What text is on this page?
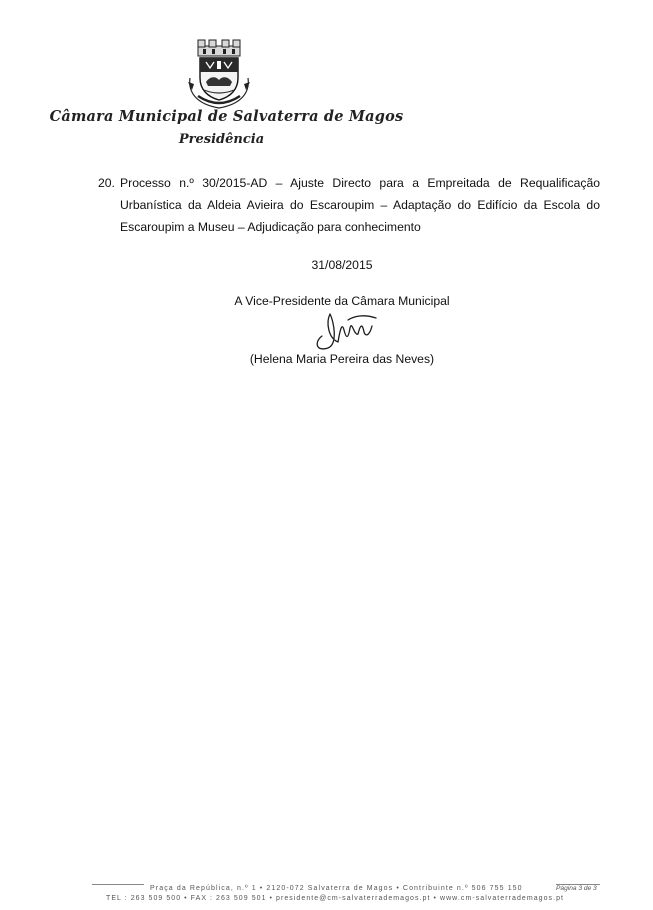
Câmara Municipal de Salvaterra de Magos
Presidência
20. Processo n.º 30/2015-AD – Ajuste Directo para a Empreitada de Requalificação Urbanística da Aldeia Avieira do Escaroupim – Adaptação do Edifício da Escola do Escaroupim a Museu – Adjudicação para conhecimento
31/08/2015
A Vice-Presidente da Câmara Municipal
(Helena Maria Pereira das Neves)
Praça da República, n.º 1 • 2120-072 Salvaterra de Magos • Contribuinte n.º 506 755 150	Página 3 de 3
TEL : 263 509 500 • FAX : 263 509 501 • presidente@cm-salvaterrademagos.pt • www.cm-salvaterrademagos.pt
